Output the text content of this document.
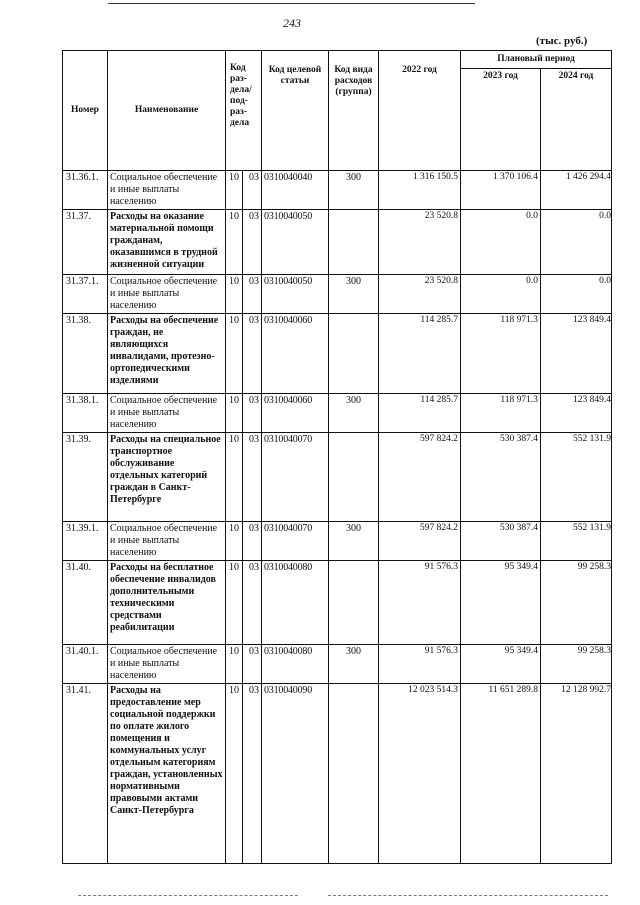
243
(тыс. руб.)
Номер	Наименование	Код раз- дела/ под- раз- дела		Код целевой статьи	Код вида расходов (группа)	2022 год	Плановый период	
							2023 год	2024 год
31.36.1.	Социальное обеспечение и иные выплаты населению	10	03	0310040040	300	1 316 150.5	1 370 106.4	1 426 294.4
31.37.	Расходы на оказание материальной помощи гражданам, оказавшимся в трудной жизненной ситуации	10	03	0310040050		23 520.8	0.0	0.0
31.37.1.	Социальное обеспечение и иные выплаты населению	10	03	0310040050	300	23 520.8	0.0	0.0
31.38.	Расходы на обеспечение граждан, не являющихся инвалидами, протезно-ортопедическими изделиями	10	03	0310040060		114 285.7	118 971.3	123 849.4
31.38.1.	Социальное обеспечение и иные выплаты населению	10	03	0310040060	300	114 285.7	118 971.3	123 849.4
31.39.	Расходы на специальное транспортное обслуживание отдельных категорий граждан в Санкт-Петербурге	10	03	0310040070		597 824.2	530 387.4	552 131.9
31.39.1.	Социальное обеспечение и иные выплаты населению	10	03	0310040070	300	597 824.2	530 387.4	552 131.9
31.40.	Расходы на бесплатное обеспечение инвалидов дополнительными техническими средствами реабилитации	10	03	0310040080		91 576.3	95 349.4	99 258.3
31.40.1.	Социальное обеспечение и иные выплаты населению	10	03	0310040080	300	91 576.3	95 349.4	99 258.3
31.41.	Расходы на предоставление мер социальной поддержки по оплате жилого помещения и коммунальных услуг отдельным категориям граждан, установленных нормативными правовыми актами Санкт-Петербурга	10	03	0310040090		12 023 514.3	11 651 289.8	12 128 992.7
